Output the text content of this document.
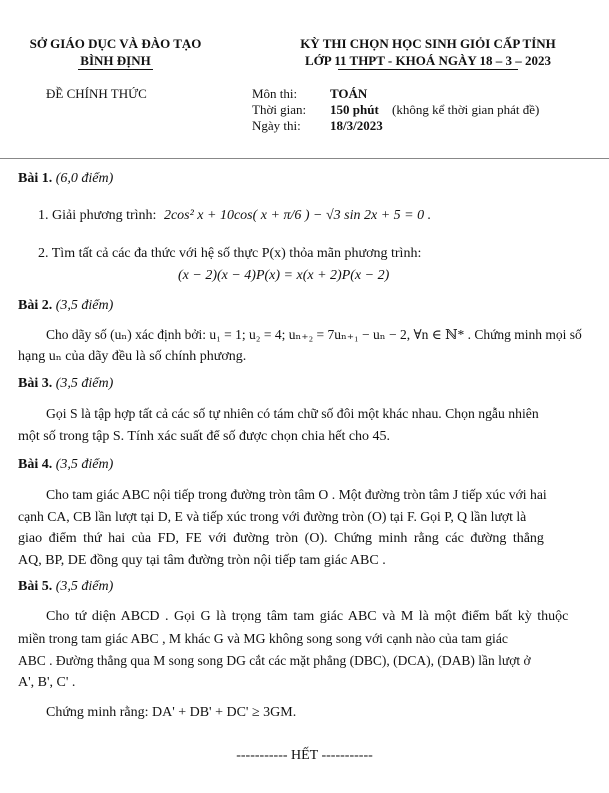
SỞ GIÁO DỤC VÀ ĐÀO TẠO
BÌNH ĐỊNH
KỲ THI CHỌN HỌC SINH GIỎI CẤP TỈNH
LỚP 11 THPT - KHOÁ NGÀY 18 – 3 – 2023
ĐỀ CHÍNH THỨC	Môn thi:	TOÁN
Thời gian: 150 phút (không kể thời gian phát đề)
Ngày thi: 18/3/2023
Bài 1. (6,0 điểm)
1. Giải phương trình: 2cos² x + 10cos( x + π/6 ) − √3 sin 2x + 5 = 0 .
2. Tìm tất cả các đa thức với hệ số thực P(x) thỏa mãn phương trình:
(x − 2)(x − 4)P(x) = x(x + 2)P(x − 2)
Bài 2. (3,5 điểm)
Cho dãy số (uₙ) xác định bởi: u₁ = 1; u₂ = 4; uₙ₊₂ = 7uₙ₊₁ − uₙ − 2, ∀n ∈ ℕ* . Chứng minh mọi số
hạng uₙ của dãy đều là số chính phương.
Bài 3. (3,5 điểm)
Gọi S là tập hợp tất cả các số tự nhiên có tám chữ số đôi một khác nhau. Chọn ngẫu nhiên
một số trong tập S. Tính xác suất để số được chọn chia hết cho 45.
Bài 4. (3,5 điểm)
Cho tam giác ABC nội tiếp trong đường tròn tâm O . Một đường tròn tâm J tiếp xúc với hai
cạnh CA, CB lần lượt tại D, E và tiếp xúc trong với đường tròn (O) tại F. Gọi P, Q lần lượt là
giao điểm thứ hai của FD, FE với đường tròn (O). Chứng minh rằng các đường thẳng
AQ, BP, DE đồng quy tại tâm đường tròn nội tiếp tam giác ABC .
Bài 5. (3,5 điểm)
Cho tứ diện ABCD . Gọi G là trọng tâm tam giác ABC và M là một điểm bất kỳ thuộc
miền trong tam giác ABC , M khác G và MG không song song với cạnh nào của tam giác
ABC . Đường thẳng qua M song song DG cắt các mặt phẳng (DBC), (DCA), (DAB) lần lượt ở
A', B', C' .
Chứng minh rằng: DA' + DB' + DC' ≥ 3GM.
----------- HẾT -----------
